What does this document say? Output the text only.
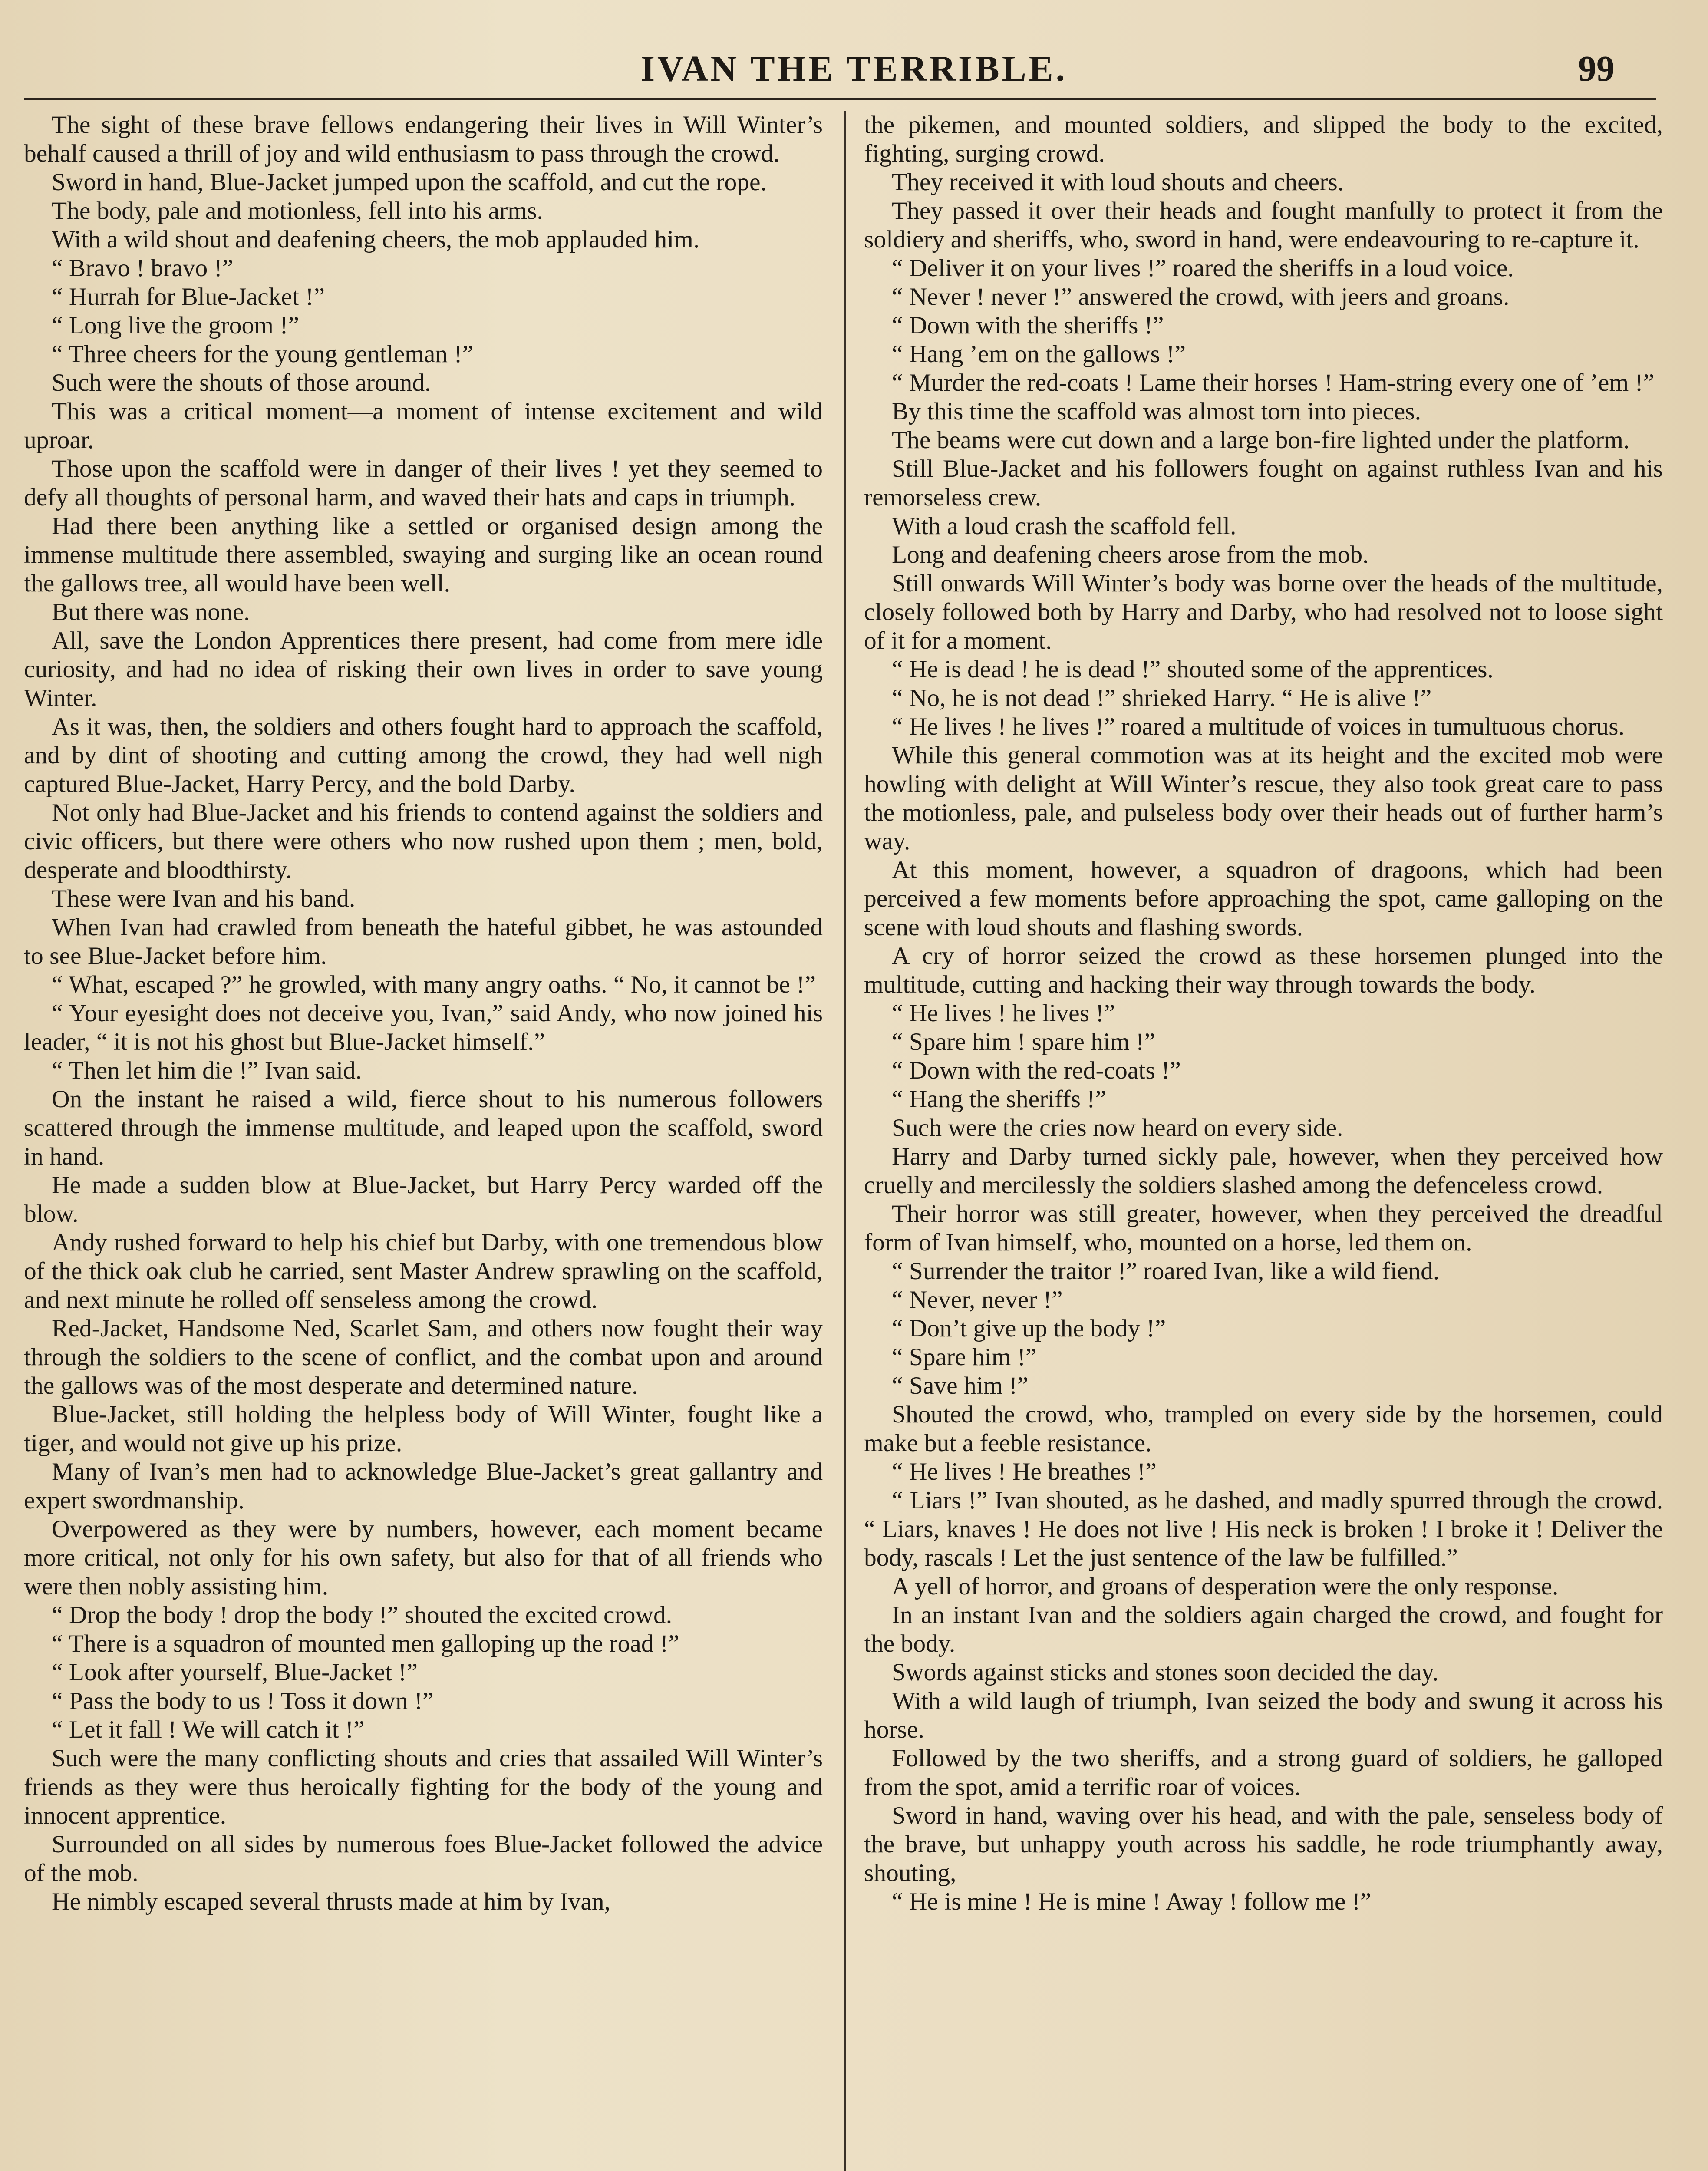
IVAN THE TERRIBLE.	99

The sight of these brave fellows endangering their lives in Will Winter’s behalf caused a thrill of joy and wild enthusiasm to pass through the crowd.

Sword in hand, Blue-Jacket jumped upon the scaffold, and cut the rope.

The body, pale and motionless, fell into his arms.

With a wild shout and deafening cheers, the mob applauded him.

“ Bravo ! bravo !”

“ Hurrah for Blue-Jacket !”

“ Long live the groom !”

“ Three cheers for the young gentleman !”

Such were the shouts of those around.

This was a critical moment—a moment of intense excitement and wild uproar.

Those upon the scaffold were in danger of their lives ! yet they seemed to defy all thoughts of personal harm, and waved their hats and caps in triumph.

Had there been anything like a settled or organised design among the immense multitude there assembled, swaying and surging like an ocean round the gallows tree, all would have been well.

But there was none.

All, save the London Apprentices there present, had come from mere idle curiosity, and had no idea of risking their own lives in order to save young Winter.

As it was, then, the soldiers and others fought hard to approach the scaffold, and by dint of shooting and cutting among the crowd, they had well nigh captured Blue-Jacket, Harry Percy, and the bold Darby.

Not only had Blue-Jacket and his friends to contend against the soldiers and civic officers, but there were others who now rushed upon them ; men, bold, desperate and bloodthirsty.

These were Ivan and his band.

When Ivan had crawled from beneath the hateful gibbet, he was astounded to see Blue-Jacket before him.

“ What, escaped ?” he growled, with many angry oaths. “ No, it cannot be !”

“ Your eyesight does not deceive you, Ivan,” said Andy, who now joined his leader, “ it is not his ghost but Blue-Jacket himself.”

“ Then let him die !” Ivan said.

On the instant he raised a wild, fierce shout to his numerous followers scattered through the immense multitude, and leaped upon the scaffold, sword in hand.

He made a sudden blow at Blue-Jacket, but Harry Percy warded off the blow.

Andy rushed forward to help his chief but Darby, with one tremendous blow of the thick oak club he carried, sent Master Andrew sprawling on the scaffold, and next minute he rolled off senseless among the crowd.

Red-Jacket, Handsome Ned, Scarlet Sam, and others now fought their way through the soldiers to the scene of conflict, and the combat upon and around the gallows was of the most desperate and determined nature.

Blue-Jacket, still holding the helpless body of Will Winter, fought like a tiger, and would not give up his prize.

Many of Ivan’s men had to acknowledge Blue-Jacket’s great gallantry and expert swordmanship.

Overpowered as they were by numbers, however, each moment became more critical, not only for his own safety, but also for that of all friends who were then nobly assisting him.

“ Drop the body ! drop the body !” shouted the excited crowd.

“ There is a squadron of mounted men galloping up the road !”

“ Look after yourself, Blue-Jacket !”

“ Pass the body to us ! Toss it down !”

“ Let it fall ! We will catch it !”

Such were the many conflicting shouts and cries that assailed Will Winter’s friends as they were thus heroically fighting for the body of the young and innocent apprentice.

Surrounded on all sides by numerous foes Blue-Jacket followed the advice of the mob.

He nimbly escaped several thrusts made at him by Ivan,

the pikemen, and mounted soldiers, and slipped the body to the excited, fighting, surging crowd.

They received it with loud shouts and cheers.

They passed it over their heads and fought manfully to protect it from the soldiery and sheriffs, who, sword in hand, were endeavouring to re-capture it.

“ Deliver it on your lives !” roared the sheriffs in a loud voice.

“ Never ! never !” answered the crowd, with jeers and groans.

“ Down with the sheriffs !”

“ Hang ’em on the gallows !”

“ Murder the red-coats ! Lame their horses ! Ham-string every one of ’em !”

By this time the scaffold was almost torn into pieces.

The beams were cut down and a large bon-fire lighted under the platform.

Still Blue-Jacket and his followers fought on against ruthless Ivan and his remorseless crew.

With a loud crash the scaffold fell.

Long and deafening cheers arose from the mob.

Still onwards Will Winter’s body was borne over the heads of the multitude, closely followed both by Harry and Darby, who had resolved not to loose sight of it for a moment.

“ He is dead ! he is dead !” shouted some of the apprentices.

“ No, he is not dead !” shrieked Harry. “ He is alive !”

“ He lives ! he lives !” roared a multitude of voices in tumultuous chorus.

While this general commotion was at its height and the excited mob were howling with delight at Will Winter’s rescue, they also took great care to pass the motionless, pale, and pulseless body over their heads out of further harm’s way.

At this moment, however, a squadron of dragoons, which had been perceived a few moments before approaching the spot, came galloping on the scene with loud shouts and flashing swords.

A cry of horror seized the crowd as these horsemen plunged into the multitude, cutting and hacking their way through towards the body.

“ He lives ! he lives !”

“ Spare him ! spare him !”

“ Down with the red-coats !”

“ Hang the sheriffs !”

Such were the cries now heard on every side.

Harry and Darby turned sickly pale, however, when they perceived how cruelly and mercilessly the soldiers slashed among the defenceless crowd.

Their horror was still greater, however, when they perceived the dreadful form of Ivan himself, who, mounted on a horse, led them on.

“ Surrender the traitor !” roared Ivan, like a wild fiend.

“ Never, never !”

“ Don’t give up the body !”

“ Spare him !”

“ Save him !”

Shouted the crowd, who, trampled on every side by the horsemen, could make but a feeble resistance.

“ He lives ! He breathes !”

“ Liars !” Ivan shouted, as he dashed, and madly spurred through the crowd. “ Liars, knaves ! He does not live ! His neck is broken ! I broke it ! Deliver the body, rascals ! Let the just sentence of the law be fulfilled.”

A yell of horror, and groans of desperation were the only response.

In an instant Ivan and the soldiers again charged the crowd, and fought for the body.

Swords against sticks and stones soon decided the day.

With a wild laugh of triumph, Ivan seized the body and swung it across his horse.

Followed by the two sheriffs, and a strong guard of soldiers, he galloped from the spot, amid a terrific roar of voices.

Sword in hand, waving over his head, and with the pale, senseless body of the brave, but unhappy youth across his saddle, he rode triumphantly away, shouting,

“ He is mine ! He is mine ! Away ! follow me !”
